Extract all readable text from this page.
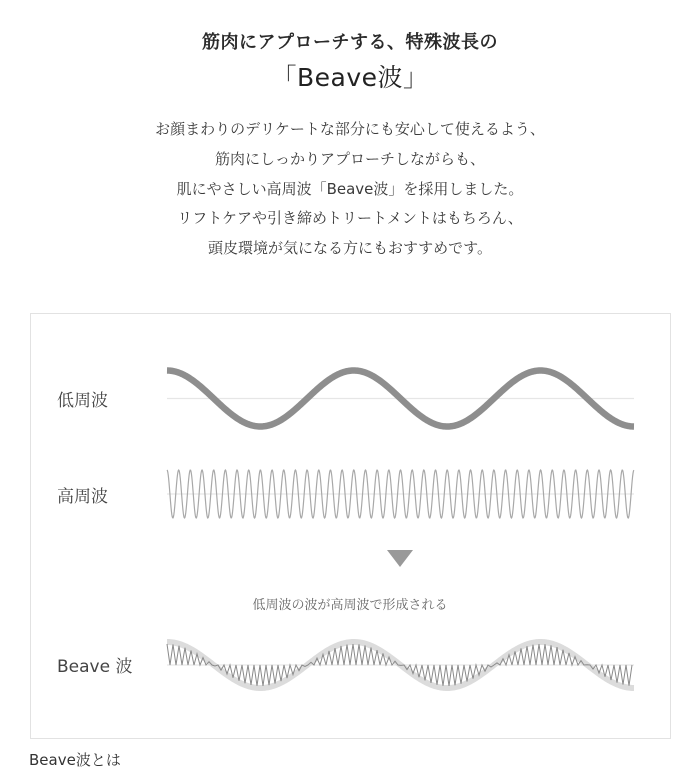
筋肉にアプローチする、特殊波長の
「Beave波」
お顔まわりのデリケートな部分にも安心して使えるよう、
筋肉にしっかりアプローチしながらも、
肌にやさしい高周波「Beave波」を採用しました。
リフトケアや引き締めトリートメントはもちろん、
頭皮環境が気になる方にもおすすめです。
低周波
高周波
Beave 波
低周波の波が高周波で形成される
Beave波とは
